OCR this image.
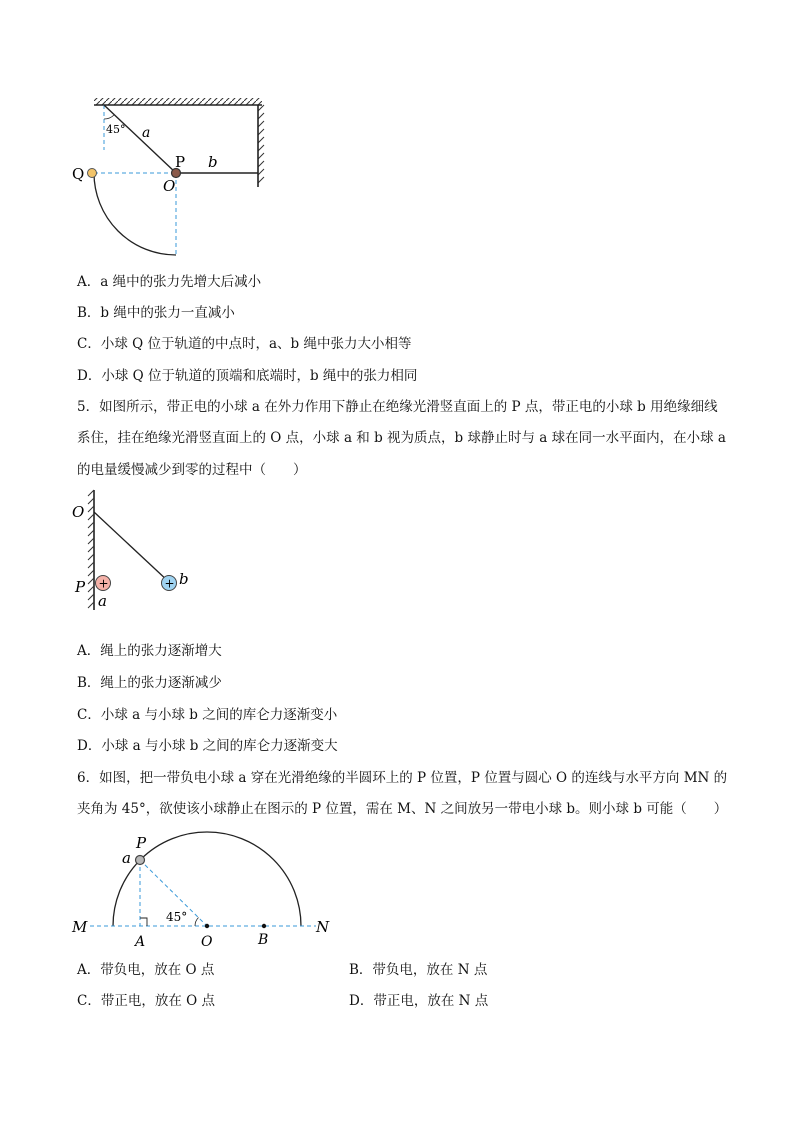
45° a
b
P
O
Q
A．a 绳中的张力先增大后减小
B．b 绳中的张力一直减小
C．小球 Q 位于轨道的中点时，a、b 绳中张力大小相等
D．小球 Q 位于轨道的顶端和底端时，b 绳中的张力相同
5．如图所示，带正电的小球 a 在外力作用下静止在绝缘光滑竖直面上的 P 点，带正电的小球 b 用绝缘细线
系住，挂在绝缘光滑竖直面上的 O 点，小球 a 和 b 视为质点，b 球静止时与 a 球在同一水平面内，在小球 a
的电量缓慢减少到零的过程中（　　）
+	+
O
P
a
b
A．绳上的张力逐渐增大
B．绳上的张力逐渐减少
C．小球 a 与小球 b 之间的库仑力逐渐变小
D．小球 a 与小球 b 之间的库仑力逐渐变大
6．如图，把一带负电小球 a 穿在光滑绝缘的半圆环上的 P 位置，P 位置与圆心 O 的连线与水平方向 MN 的
夹角为 45°，欲使该小球静止在图示的 P 位置，需在 M、N 之间放另一带电小球 b。则小球 b 可能（　　）
P
a
M	N
A	O	B
45°
A．带负电，放在 O 点	B．带负电，放在 N 点
C．带正电，放在 O 点	D．带正电，放在 N 点
